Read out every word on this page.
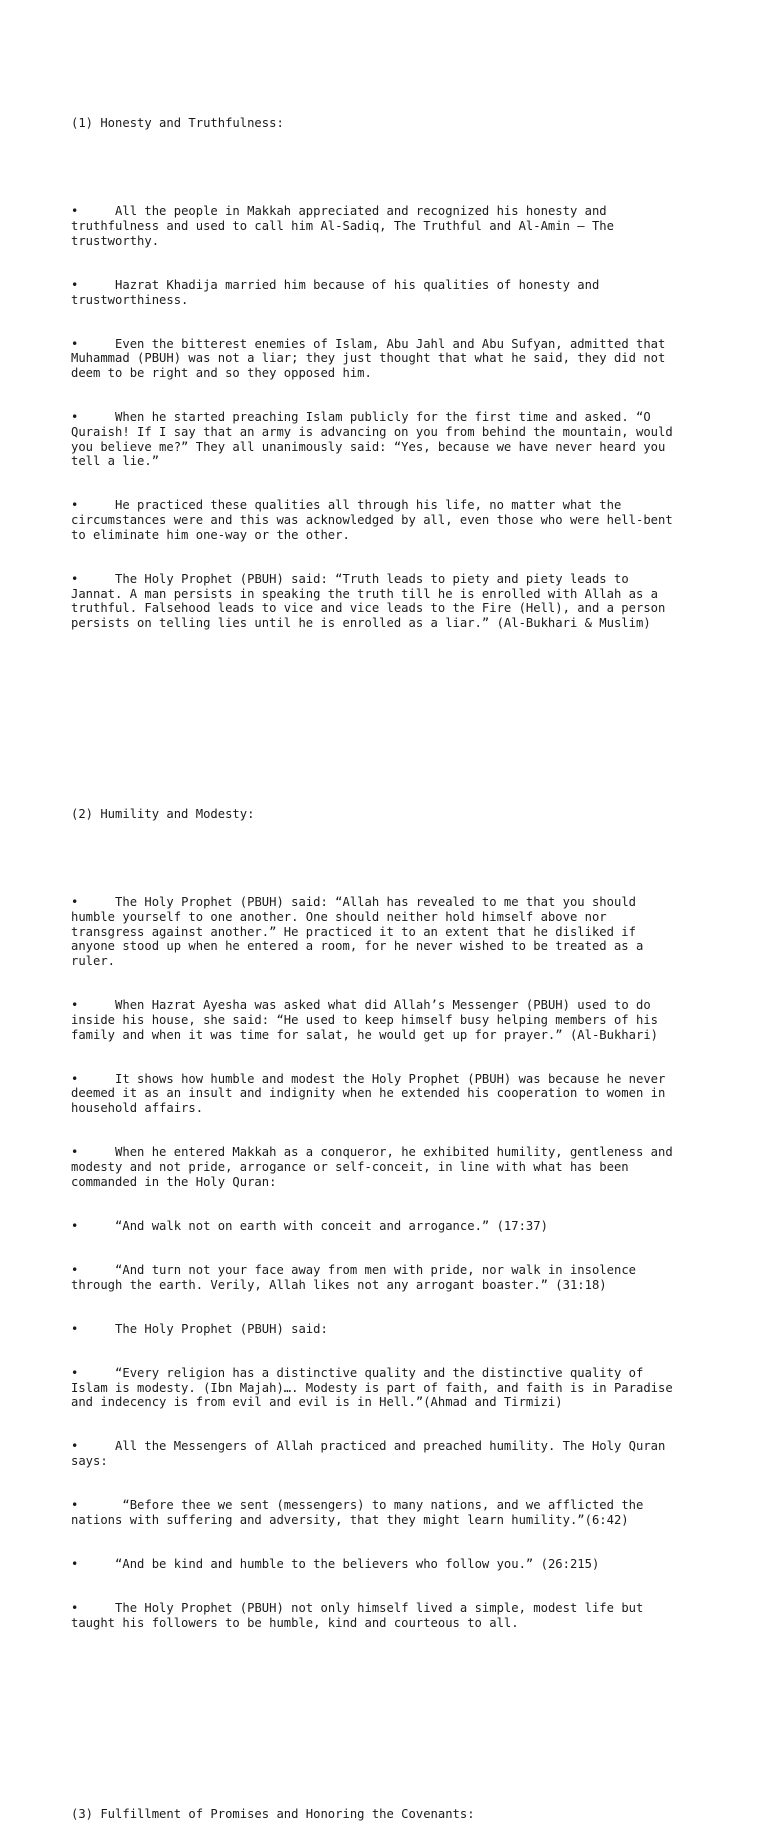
(1) Honesty and Truthfulness:

•	All the people in Makkah appreciated and recognized his honesty and
truthfulness and used to call him Al-Sadiq, The Truthful and Al-Amin – The
trustworthy.

•	Hazrat Khadija married him because of his qualities of honesty and
trustworthiness.

•	Even the bitterest enemies of Islam, Abu Jahl and Abu Sufyan, admitted that
Muhammad (PBUH) was not a liar; they just thought that what he said, they did not
deem to be right and so they opposed him.

•	When he started preaching Islam publicly for the first time and asked. “O
Quraish! If I say that an army is advancing on you from behind the mountain, would
you believe me?” They all unanimously said: “Yes, because we have never heard you
tell a lie.”

•	He practiced these qualities all through his life, no matter what the
circumstances were and this was acknowledged by all, even those who were hell-bent
to eliminate him one-way or the other.

•	The Holy Prophet (PBUH) said: “Truth leads to piety and piety leads to
Jannat. A man persists in speaking the truth till he is enrolled with Allah as a
truthful. Falsehood leads to vice and vice leads to the Fire (Hell), and a person
persists on telling lies until he is enrolled as a liar.” (Al-Bukhari & Muslim)

(2) Humility and Modesty:

•	The Holy Prophet (PBUH) said: “Allah has revealed to me that you should
humble yourself to one another. One should neither hold himself above nor
transgress against another.” He practiced it to an extent that he disliked if
anyone stood up when he entered a room, for he never wished to be treated as a
ruler.

•	When Hazrat Ayesha was asked what did Allah’s Messenger (PBUH) used to do
inside his house, she said: “He used to keep himself busy helping members of his
family and when it was time for salat, he would get up for prayer.” (Al-Bukhari)

•	It shows how humble and modest the Holy Prophet (PBUH) was because he never
deemed it as an insult and indignity when he extended his cooperation to women in
household affairs.

•	When he entered Makkah as a conqueror, he exhibited humility, gentleness and
modesty and not pride, arrogance or self-conceit, in line with what has been
commanded in the Holy Quran:

•	“And walk not on earth with conceit and arrogance.” (17:37)

•	“And turn not your face away from men with pride, nor walk in insolence
through the earth. Verily, Allah likes not any arrogant boaster.” (31:18)

•	The Holy Prophet (PBUH) said:

•	“Every religion has a distinctive quality and the distinctive quality of
Islam is modesty. (Ibn Majah)…. Modesty is part of faith, and faith is in Paradise
and indecency is from evil and evil is in Hell.”(Ahmad and Tirmizi)

•	All the Messengers of Allah practiced and preached humility. The Holy Quran
says:

•	“Before thee we sent (messengers) to many nations, and we afflicted the
nations with suffering and adversity, that they might learn humility.”(6:42)

•	“And be kind and humble to the believers who follow you.” (26:215)

•	The Holy Prophet (PBUH) not only himself lived a simple, modest life but
taught his followers to be humble, kind and courteous to all.

(3) Fulfillment of Promises and Honoring the Covenants:
